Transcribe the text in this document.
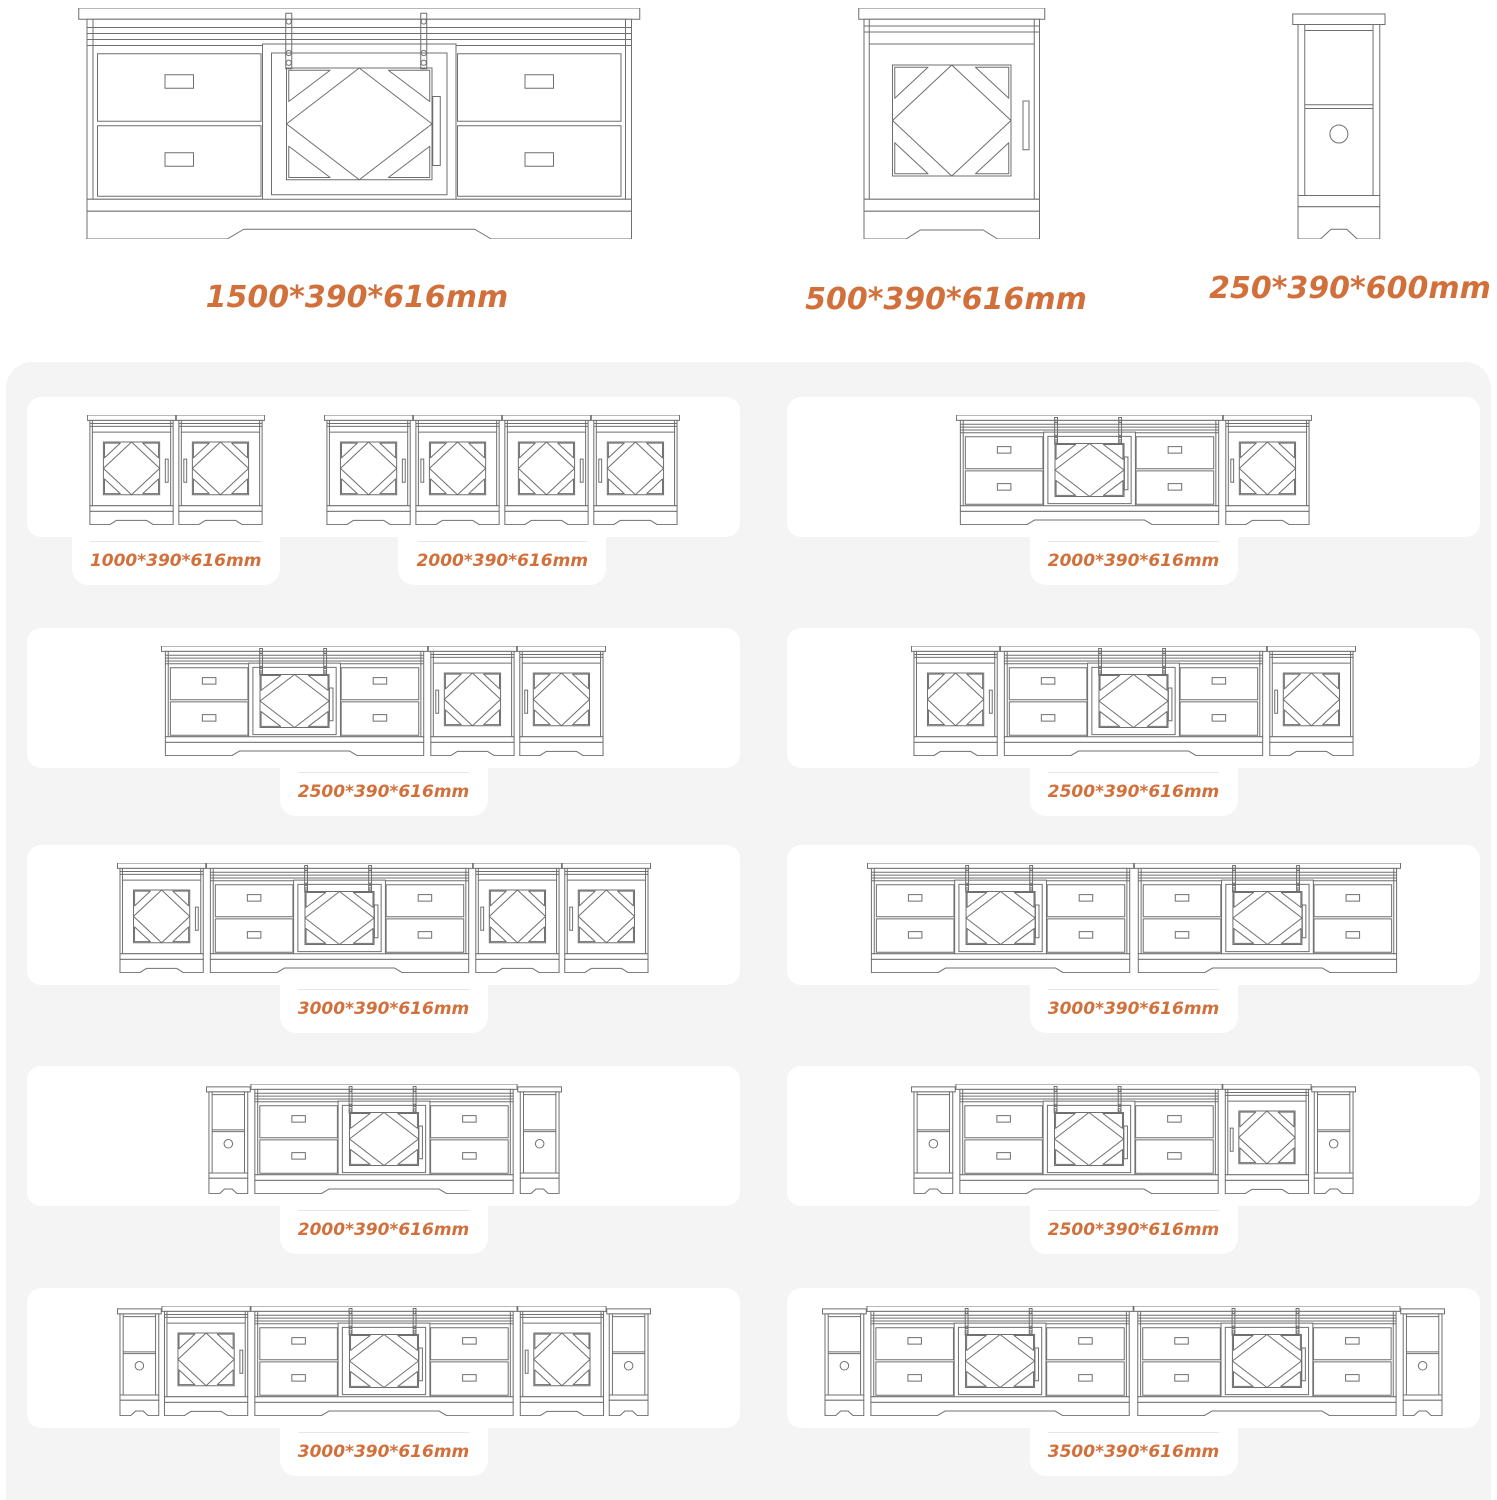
1500*390*616mm	500*390*616mm	250*390*600mm
1000*390*616mm	2000*390*616mm	2000*390*616mm
2500*390*616mm	2500*390*616mm
3000*390*616mm	3000*390*616mm
2000*390*616mm	2500*390*616mm
3000*390*616mm	3500*390*616mm
